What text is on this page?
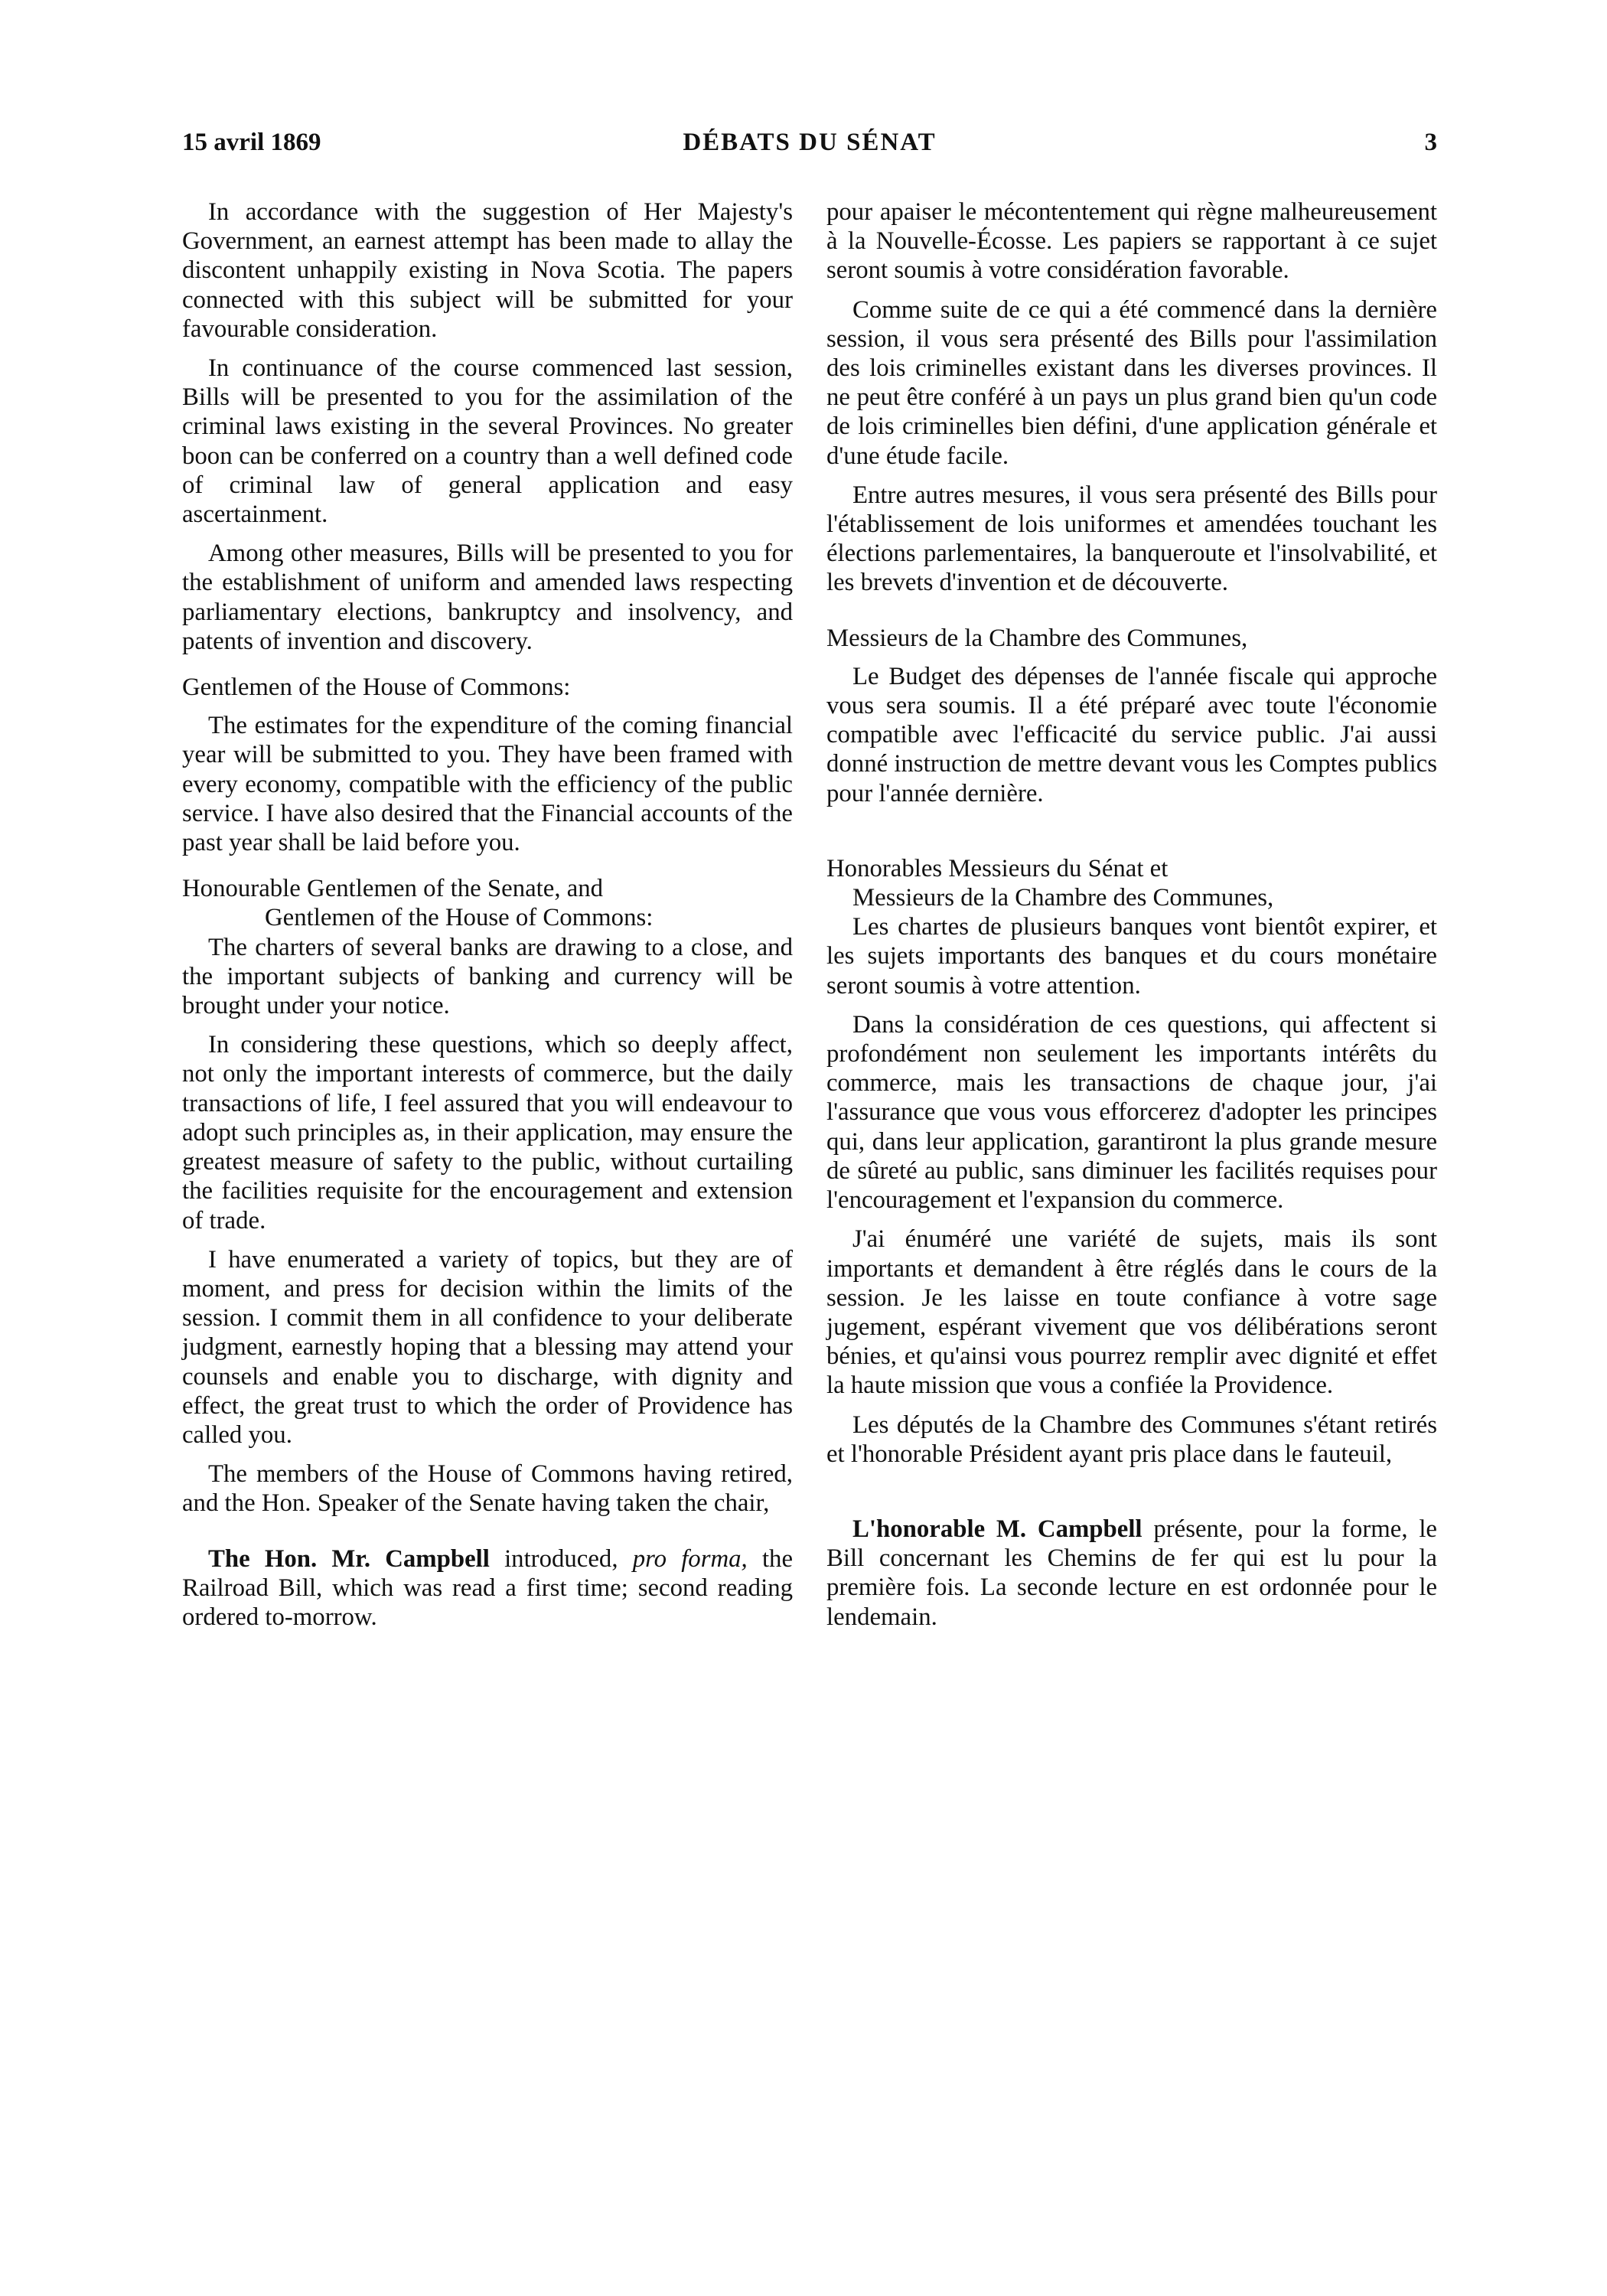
15 avril 1869	DÉBATS DU SÉNAT	3

In accordance with the suggestion of Her Majesty's Government, an earnest attempt has been made to allay the discontent unhappily existing in Nova Scotia. The papers connected with this subject will be submitted for your favourable consideration.

In continuance of the course commenced last session, Bills will be presented to you for the assimilation of the criminal laws existing in the several Provinces. No greater boon can be conferred on a country than a well defined code of criminal law of general application and easy ascertainment.

Among other measures, Bills will be presented to you for the establishment of uniform and amended laws respecting parliamentary elections, bankruptcy and insolvency, and patents of invention and discovery.

Gentlemen of the House of Commons:

The estimates for the expenditure of the coming financial year will be submitted to you. They have been framed with every economy, compatible with the efficiency of the public service. I have also desired that the Financial accounts of the past year shall be laid before you.

Honourable Gentlemen of the Senate, and

Gentlemen of the House of Commons:

The charters of several banks are drawing to a close, and the important subjects of banking and currency will be brought under your notice.

In considering these questions, which so deeply affect, not only the important interests of commerce, but the daily transactions of life, I feel assured that you will endeavour to adopt such principles as, in their application, may ensure the greatest measure of safety to the public, without curtailing the facilities requisite for the encouragement and extension of trade.

I have enumerated a variety of topics, but they are of moment, and press for decision within the limits of the session. I commit them in all confidence to your deliberate judgment, earnestly hoping that a blessing may attend your counsels and enable you to discharge, with dignity and effect, the great trust to which the order of Providence has called you.

The members of the House of Commons having retired, and the Hon. Speaker of the Senate having taken the chair,

The Hon. Mr. Campbell introduced, pro forma, the Railroad Bill, which was read a first time; second reading ordered to-morrow.

pour apaiser le mécontentement qui règne malheureusement à la Nouvelle-Écosse. Les papiers se rapportant à ce sujet seront soumis à votre considération favorable.

Comme suite de ce qui a été commencé dans la dernière session, il vous sera présenté des Bills pour l'assimilation des lois criminelles existant dans les diverses provinces. Il ne peut être conféré à un pays un plus grand bien qu'un code de lois criminelles bien défini, d'une application générale et d'une étude facile.

Entre autres mesures, il vous sera présenté des Bills pour l'établissement de lois uniformes et amendées touchant les élections parlementaires, la banqueroute et l'insolvabilité, et les brevets d'invention et de découverte.

Messieurs de la Chambre des Communes,

Le Budget des dépenses de l'année fiscale qui approche vous sera soumis. Il a été préparé avec toute l'économie compatible avec l'efficacité du service public. J'ai aussi donné instruction de mettre devant vous les Comptes publics pour l'année dernière.

Honorables Messieurs du Sénat et

Messieurs de la Chambre des Communes,

Les chartes de plusieurs banques vont bientôt expirer, et les sujets importants des banques et du cours monétaire seront soumis à votre attention.

Dans la considération de ces questions, qui affectent si profondément non seulement les importants intérêts du commerce, mais les transactions de chaque jour, j'ai l'assurance que vous vous efforcerez d'adopter les principes qui, dans leur application, garantiront la plus grande mesure de sûreté au public, sans diminuer les facilités requises pour l'encouragement et l'expansion du commerce.

J'ai énuméré une variété de sujets, mais ils sont importants et demandent à être réglés dans le cours de la session. Je les laisse en toute confiance à votre sage jugement, espérant vivement que vos délibérations seront bénies, et qu'ainsi vous pourrez remplir avec dignité et effet la haute mission que vous a confiée la Providence.

Les députés de la Chambre des Communes s'étant retirés et l'honorable Président ayant pris place dans le fauteuil,

L'honorable M. Campbell présente, pour la forme, le Bill concernant les Chemins de fer qui est lu pour la première fois. La seconde lecture en est ordonnée pour le lendemain.
